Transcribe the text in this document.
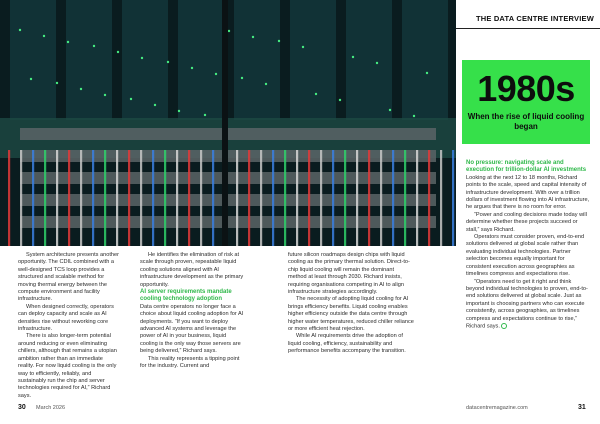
THE DATA CENTRE INTERVIEW
1980s
When the rise of liquid cooling began

System architecture presents another opportunity. The CDIL combined with a well-designed TCS loop provides a structured and scalable method for moving thermal energy between the compute environment and facility infrastructure.

When designed correctly, operators can deploy capacity and scale as AI densities rise without reworking core infrastructure.

There is also longer-term potential around reducing or even eliminating chillers, although that remains a utopian ambition rather than an immediate reality. For now liquid cooling is the only way to efficiently, reliably, and sustainably run the chip and server technologies required for AI,” Richard says.

He identifies the elimination of risk at scale through proven, repeatable liquid cooling solutions aligned with AI infrastructure development as the primary opportunity.

AI server requirements mandate cooling technology adoption

Data centre operators no longer face a choice about liquid cooling adoption for AI deployments. “If you want to deploy advanced AI systems and leverage the power of AI in your business, liquid cooling is the only way those servers are being delivered,” Richard says.

This reality represents a tipping point for the industry. Current and

future silicon roadmaps design chips with liquid cooling as the primary thermal solution. Direct-to-chip liquid cooling will remain the dominant method at least through 2030. Richard insists, requiring organisations competing in AI to align infrastructure strategies accordingly.

The necessity of adopting liquid cooling for AI brings efficiency benefits. Liquid cooling enables higher efficiency outside the data centre through higher water temperatures, reduced chiller reliance or more efficient heat rejection.

While AI requirements drive the adoption of liquid cooling, efficiency, sustainability and performance benefits accompany the transition.

No pressure: navigating scale and execution for trillion-dollar AI investments

Looking at the next 12 to 18 months, Richard points to the scale, speed and capital intensity of infrastructure development. With over a trillion dollars of investment flowing into AI infrastructure, he argues that there is no room for error.

“Power and cooling decisions made today will determine whether these projects succeed or stall,” says Richard.

Operators must consider proven, end-to-end solutions delivered at global scale rather than evaluating individual technologies. Partner selection becomes equally important for consistent execution across geographies as timelines compress and expectations rise.

“Operators need to get it right and think beyond individual technologies to proven, end-to-end solutions delivered at global scale. Just as important is choosing partners who can execute consistently, across geographies, as timelines compress and expectations continue to rise,” Richard says.

30 March 2026	datacentremagazine.com	31
